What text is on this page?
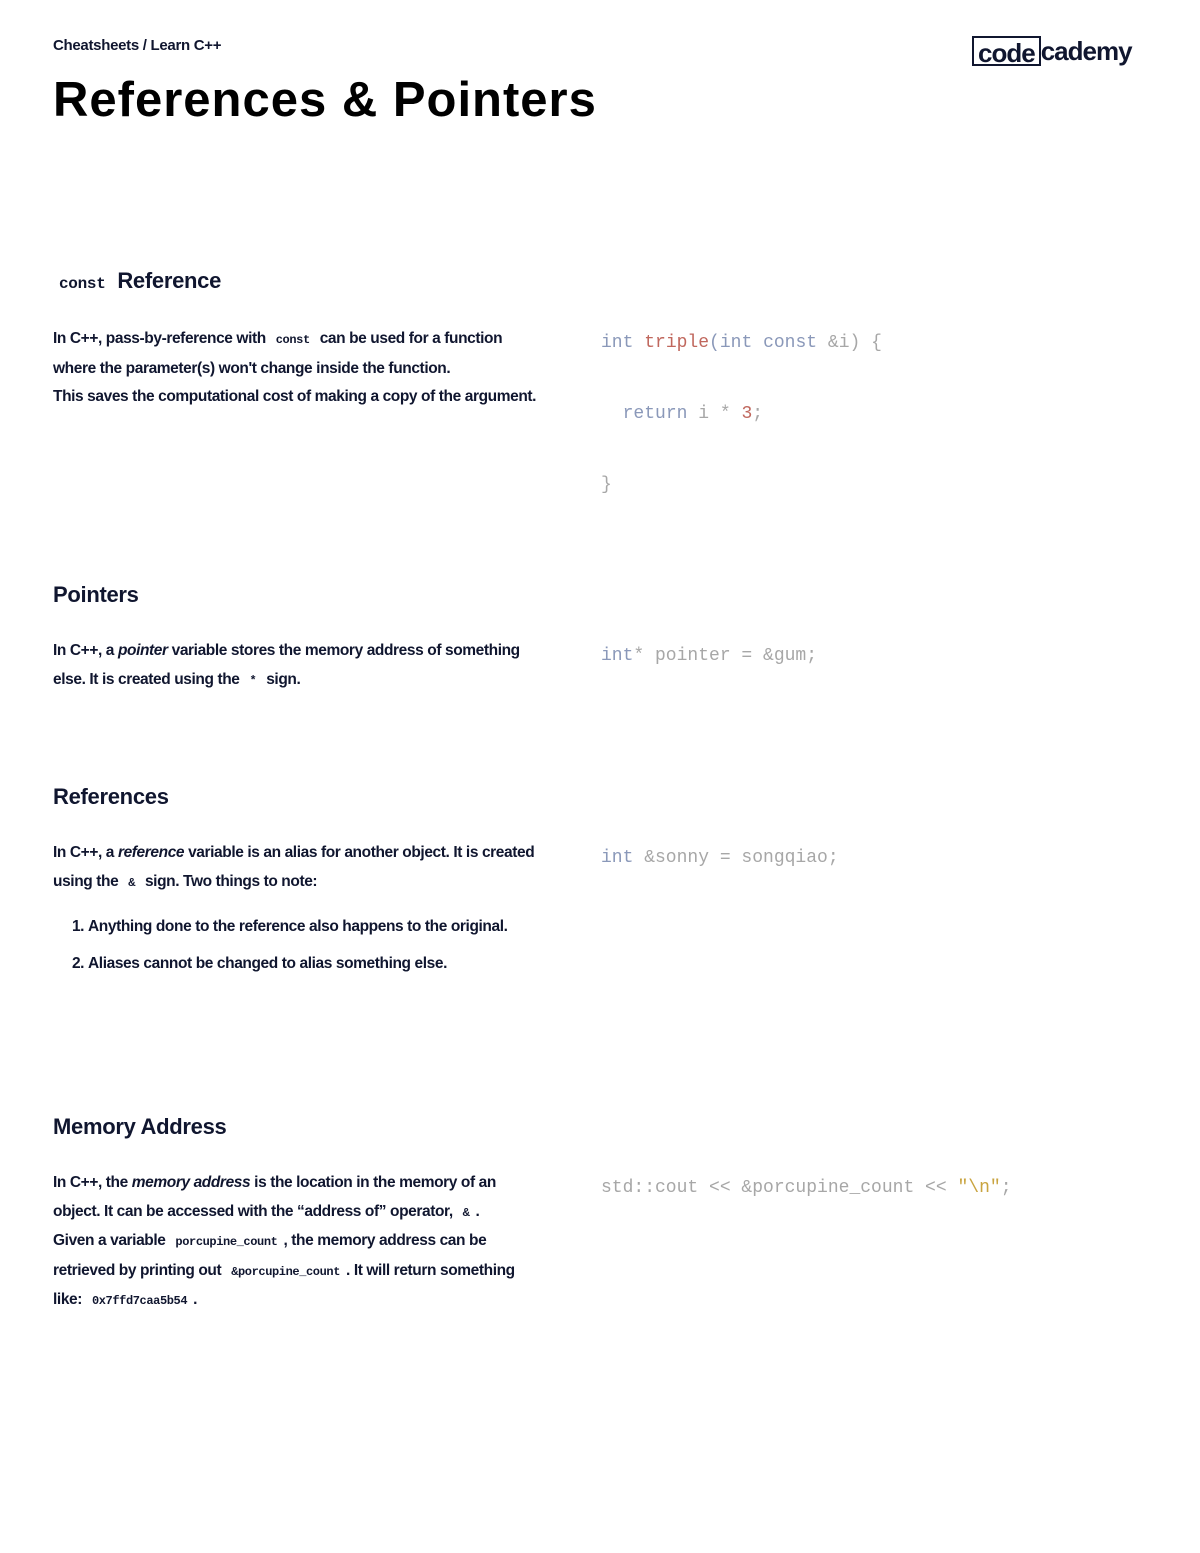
Cheatsheets / Learn C++	code cademy
References & Pointers
const Reference

In C++, pass-by-reference with const can be used for a function where the parameter(s) won't change inside the function.

This saves the computational cost of making a copy of the argument.

int triple(int const &i) {

return i * 3;

}
Pointers

In C++, a pointer variable stores the memory address of something else. It is created using the * sign.

int* pointer = &gum;
References

In C++, a reference variable is an alias for another object. It is created using the & sign. Two things to note:

1. Anything done to the reference also happens to the original.
2. Aliases cannot be changed to alias something else.
int &sonny = songqiao;
Memory Address

In C++, the memory address is the location in the memory of an object. It can be accessed with the “address of” operator, & .

Given a variable porcupine_count , the memory address can be retrieved by printing out &porcupine_count . It will return something like: 0x7ffd7caa5b54 .

std::cout << &porcupine_count << "\n";
